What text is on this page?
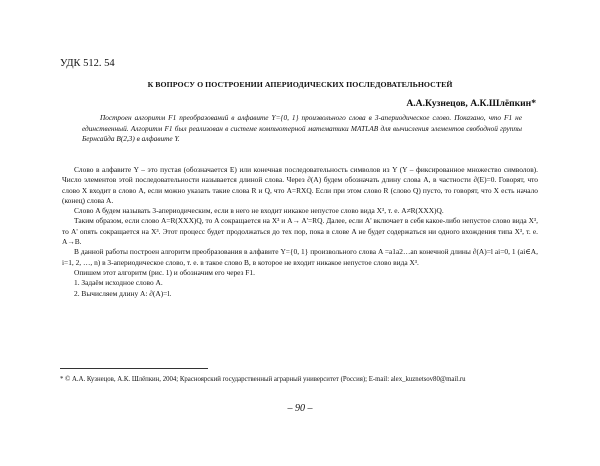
УДК 512. 54
К ВОПРОСУ О ПОСТРОЕНИИ АПЕРИОДИЧЕСКИХ ПОСЛЕДОВАТЕЛЬНОСТЕЙ
А.А.Кузнецов, А.К.Шлёпкин*
Построен алгоритм F1 преобразований в алфавите Y={0, 1} произвольного слова в 3-апериодическое слово. Показано, что F1 не единственный. Алгоритм F1 был реализован в системе компьютерной математики MATLAB для вычисления элементов свободной группы Бернсайда B(2,3) в алфавите Y.

Слово в алфавите Y – это пустая (обозначается E) или конечная последовательность символов из Y (Y – фиксированное множество символов). Число элементов этой последовательности называется длиной слова. Через ∂(A) будем обозначать длину слова A, в частности ∂(E)=0. Говорят, что слово X входит в слово A, если можно указать такие слова R и Q, что A=RXQ. Если при этом слово R (слово Q) пусто, то говорят, что X есть начало (конец) слова A.

Слово A будем называть 3-апериодическим, если в него не входит никакое непустое слово вида X³, т. е. A≠R(XXX)Q.

Таким образом, если слово A=R(XXX)Q, то A сокращается на X³ и A→ A'=RQ. Далее, если A' включает в себя какое-либо непустое слово вида X³, то A' опять сокращается на X³. Этот процесс будет продолжаться до тех пор, пока в слове A не будет содержаться ни одного вхождения типа X³, т. е. A→B.

В данной работы построен алгоритм преобразования в алфавите Y={0, 1} произвольного слова A =a1a2…an конечной длины ∂(A)=l ai=0, 1 (ai∈A, i=1, 2, …, n) в 3-апериодическое слово, т. е. в такое слово B, в которое не входит никакое непустое слово вида X³.

Опишем этот алгоритм (рис. 1) и обозначим его через F1.

1. Задаём исходное слово A.

2. Вычисляем длину A: ∂(A)=l.

* © А.А. Кузнецов, А.К. Шлёпкин, 2004; Красноярский государственный аграрный университет (Россия); E-mail: alex_kuznetsov80@mail.ru
– 90 –
